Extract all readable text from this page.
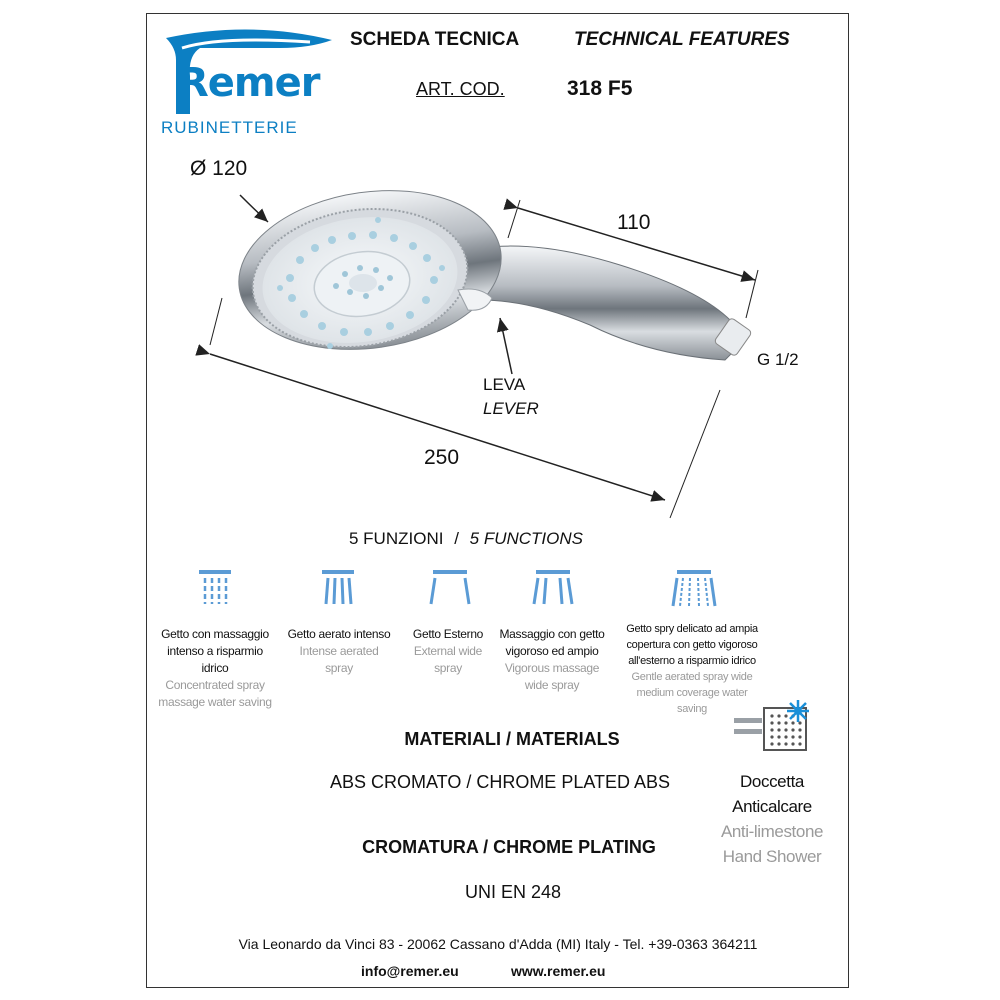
Remer
RUBINETTERIE
SCHEDA TECNICA	TECHNICAL FEATURES
ART. COD.	318 F5
Ø 120
110
250
G 1/2
LEVA
LEVER
5 FUNZIONI / 5 FUNCTIONS
Getto con massaggio intenso a risparmio idrico
Concentrated spray massage water saving
Getto aerato intenso
Intense aerated spray
Getto Esterno
External wide spray
Massaggio con getto vigoroso ed ampio
Vigorous massage wide spray
Getto spry delicato ad ampia copertura con getto vigoroso all'esterno a risparmio idrico
Gentle aerated spray wide medium coverage water saving
MATERIALI / MATERIALS
ABS CROMATO / CHROME PLATED ABS
CROMATURA / CHROME PLATING
UNI EN 248
Doccetta
Anticalcare
Anti-limestone
Hand Shower
Via Leonardo da Vinci 83 - 20062 Cassano d'Adda (MI) Italy - Tel. +39-0363 364211
info@remer.eu	www.remer.eu
